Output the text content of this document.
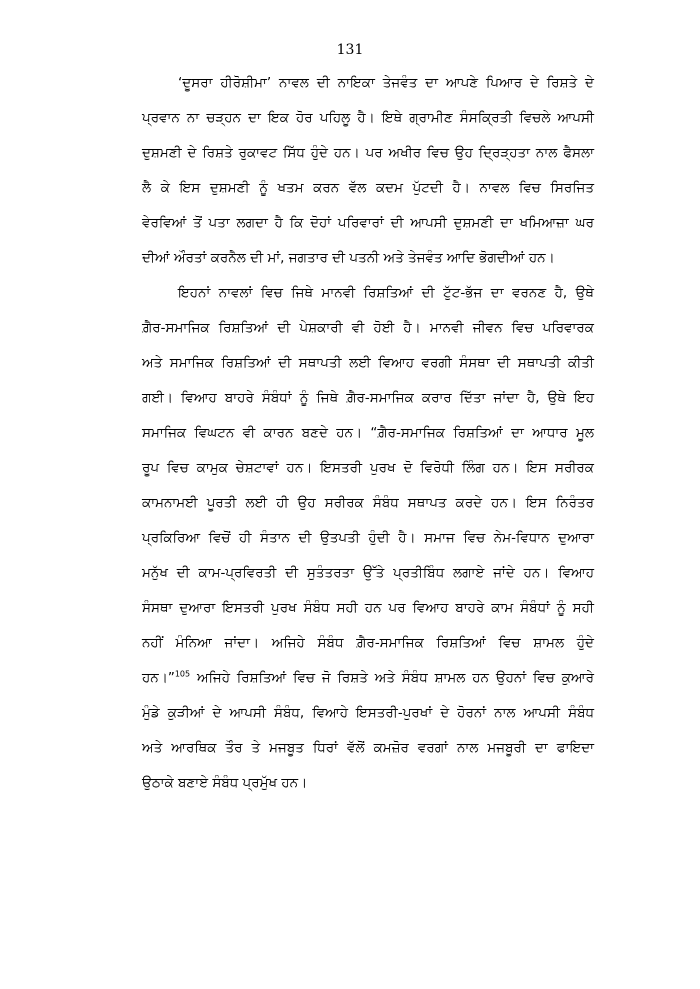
131
‘ਦੂਸਰਾ ਹੀਰੋਸ਼ੀਮਾ’ ਨਾਵਲ ਦੀ ਨਾਇਕਾ ਤੇਜਵੰਤ ਦਾ ਆਪਣੇ ਪਿਆਰ ਦੇ ਰਿਸ਼ਤੇ ਦੇ
ਪ੍ਰਵਾਨ ਨਾ ਚੜ੍ਹਨ ਦਾ ਇਕ ਹੋਰ ਪਹਿਲੂ ਹੈ। ਇਥੇ ਗ੍ਰਾਮੀਣ ਸੰਸਕ੍ਰਿਤੀ ਵਿਚਲੇ ਆਪਸੀ
ਦੁਸ਼ਮਣੀ ਦੇ ਰਿਸ਼ਤੇ ਰੁਕਾਵਟ ਸਿੱਧ ਹੁੰਦੇ ਹਨ। ਪਰ ਅਖੀਰ ਵਿਚ ਉਹ ਦ੍ਰਿੜ੍ਹਤਾ ਨਾਲ ਫੈਸਲਾ
ਲੈ ਕੇ ਇਸ ਦੁਸ਼ਮਣੀ ਨੂੰ ਖਤਮ ਕਰਨ ਵੱਲ ਕਦਮ ਪੁੱਟਦੀ ਹੈ। ਨਾਵਲ ਵਿਚ ਸਿਰਜਿਤ
ਵੇਰਵਿਆਂ ਤੋਂ ਪਤਾ ਲਗਦਾ ਹੈ ਕਿ ਦੋਹਾਂ ਪਰਿਵਾਰਾਂ ਦੀ ਆਪਸੀ ਦੁਸ਼ਮਣੀ ਦਾ ਖਮਿਆਜ਼ਾ ਘਰ
ਦੀਆਂ ਔਰਤਾਂ ਕਰਨੈਲ ਦੀ ਮਾਂ, ਜਗਤਾਰ ਦੀ ਪਤਨੀ ਅਤੇ ਤੇਜਵੰਤ ਆਦਿ ਭੋਗਦੀਆਂ ਹਨ।
ਇਹਨਾਂ ਨਾਵਲਾਂ ਵਿਚ ਜਿਥੇ ਮਾਨਵੀ ਰਿਸ਼ਤਿਆਂ ਦੀ ਟੁੱਟ-ਭੱਜ ਦਾ ਵਰਨਣ ਹੈ, ਉਥੇ
ਗ਼ੈਰ-ਸਮਾਜਿਕ ਰਿਸ਼ਤਿਆਂ ਦੀ ਪੇਸ਼ਕਾਰੀ ਵੀ ਹੋਈ ਹੈ। ਮਾਨਵੀ ਜੀਵਨ ਵਿਚ ਪਰਿਵਾਰਕ
ਅਤੇ ਸਮਾਜਿਕ ਰਿਸ਼ਤਿਆਂ ਦੀ ਸਥਾਪਤੀ ਲਈ ਵਿਆਹ ਵਰਗੀ ਸੰਸਥਾ ਦੀ ਸਥਾਪਤੀ ਕੀਤੀ
ਗਈ। ਵਿਆਹ ਬਾਹਰੇ ਸੰਬੰਧਾਂ ਨੂੰ ਜਿਥੇ ਗ਼ੈਰ-ਸਮਾਜਿਕ ਕਰਾਰ ਦਿੱਤਾ ਜਾਂਦਾ ਹੈ, ਉਥੇ ਇਹ
ਸਮਾਜਿਕ ਵਿਘਟਨ ਵੀ ਕਾਰਨ ਬਣਦੇ ਹਨ। “ਗ਼ੈਰ-ਸਮਾਜਿਕ ਰਿਸ਼ਤਿਆਂ ਦਾ ਆਧਾਰ ਮੂਲ
ਰੂਪ ਵਿਚ ਕਾਮੁਕ ਚੇਸ਼ਟਾਵਾਂ ਹਨ। ਇਸਤਰੀ ਪੁਰਖ ਦੋ ਵਿਰੋਧੀ ਲਿੰਗ ਹਨ। ਇਸ ਸਰੀਰਕ
ਕਾਮਨਾਮਈ ਪੂਰਤੀ ਲਈ ਹੀ ਉਹ ਸਰੀਰਕ ਸੰਬੰਧ ਸਥਾਪਤ ਕਰਦੇ ਹਨ। ਇਸ ਨਿਰੰਤਰ
ਪ੍ਰਕਿਰਿਆ ਵਿਚੋਂ ਹੀ ਸੰਤਾਨ ਦੀ ਉਤਪਤੀ ਹੁੰਦੀ ਹੈ। ਸਮਾਜ ਵਿਚ ਨੇਮ-ਵਿਧਾਨ ਦੁਆਰਾ
ਮਨੁੱਖ ਦੀ ਕਾਮ-ਪ੍ਰਵਿਰਤੀ ਦੀ ਸੁਤੰਤਰਤਾ ਉੱਤੇ ਪ੍ਰਤੀਬਿੰਧ ਲਗਾਏ ਜਾਂਦੇ ਹਨ। ਵਿਆਹ
ਸੰਸਥਾ ਦੁਆਰਾ ਇਸਤਰੀ ਪੁਰਖ ਸੰਬੰਧ ਸਹੀ ਹਨ ਪਰ ਵਿਆਹ ਬਾਹਰੇ ਕਾਮ ਸੰਬੰਧਾਂ ਨੂੰ ਸਹੀ
ਨਹੀਂ ਮੰਨਿਆ ਜਾਂਦਾ। ਅਜਿਹੇ ਸੰਬੰਧ ਗ਼ੈਰ-ਸਮਾਜਿਕ ਰਿਸ਼ਤਿਆਂ ਵਿਚ ਸ਼ਾਮਲ ਹੁੰਦੇ
ਹਨ।”$^{105}$ ਅਜਿਹੇ ਰਿਸ਼ਤਿਆਂ ਵਿਚ ਜੋ ਰਿਸ਼ਤੇ ਅਤੇ ਸੰਬੰਧ ਸ਼ਾਮਲ ਹਨ ਉਹਨਾਂ ਵਿਚ ਕੁਆਰੇ
ਮੁੰਡੇ ਕੁੜੀਆਂ ਦੇ ਆਪਸੀ ਸੰਬੰਧ, ਵਿਆਹੇ ਇਸਤਰੀ-ਪੁਰਖਾਂ ਦੇ ਹੋਰਨਾਂ ਨਾਲ ਆਪਸੀ ਸੰਬੰਧ
ਅਤੇ ਆਰਥਿਕ ਤੌਰ ਤੇ ਮਜਬੂਤ ਧਿਰਾਂ ਵੱਲੋਂ ਕਮਜ਼ੋਰ ਵਰਗਾਂ ਨਾਲ ਮਜਬੂਰੀ ਦਾ ਫਾਇਦਾ
ਉਠਾਕੇ ਬਣਾਏ ਸੰਬੰਧ ਪ੍ਰਮੁੱਖ ਹਨ।
